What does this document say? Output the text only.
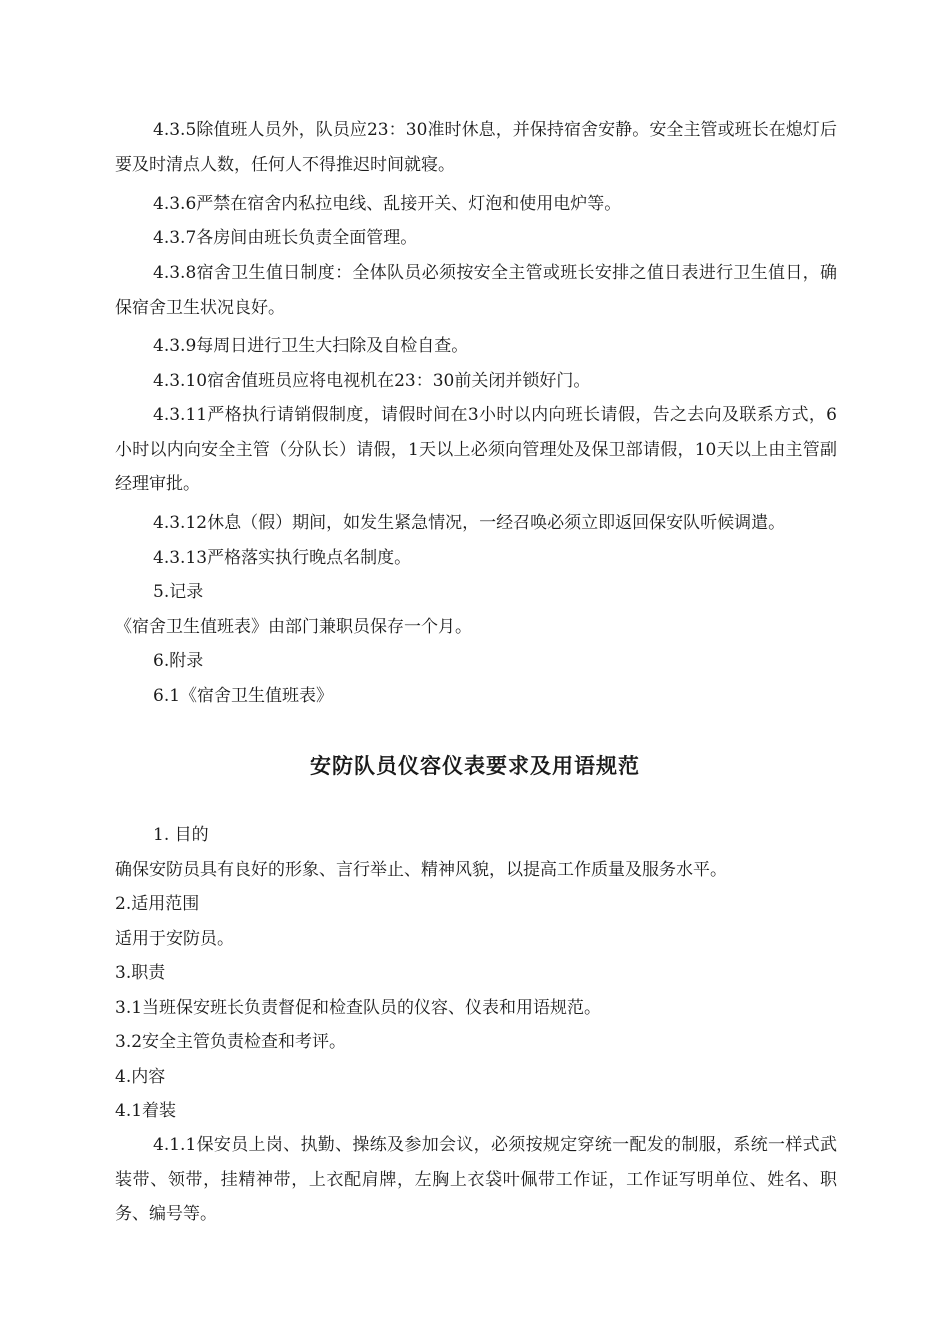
4.3.5除值班人员外，队员应23：30准时休息，并保持宿舍安静。安全主管或班长在熄灯后要及时清点人数，任何人不得推迟时间就寝。

4.3.6严禁在宿舍内私拉电线、乱接开关、灯泡和使用电炉等。

4.3.7各房间由班长负责全面管理。

4.3.8宿舍卫生值日制度：全体队员必须按安全主管或班长安排之值日表进行卫生值日，确保宿舍卫生状况良好。

4.3.9每周日进行卫生大扫除及自检自查。

4.3.10宿舍值班员应将电视机在23：30前关闭并锁好门。

4.3.11严格执行请销假制度，请假时间在3小时以内向班长请假，告之去向及联系方式，6小时以内向安全主管（分队长）请假，1天以上必须向管理处及保卫部请假，10天以上由主管副经理审批。

4.3.12休息（假）期间，如发生紧急情况，一经召唤必须立即返回保安队听候调遣。

4.3.13严格落实执行晚点名制度。

5.记录

《宿舍卫生值班表》由部门兼职员保存一个月。

6.附录

6.1《宿舍卫生值班表》

安防队员仪容仪表要求及用语规范

1. 目的

确保安防员具有良好的形象、言行举止、精神风貌，以提高工作质量及服务水平。

2.适用范围

适用于安防员。

3.职责

3.1当班保安班长负责督促和检查队员的仪容、仪表和用语规范。

3.2安全主管负责检查和考评。

4.内容

4.1着装

4.1.1保安员上岗、执勤、操练及参加会议，必须按规定穿统一配发的制服，系统一样式武装带、领带，挂精神带，上衣配肩牌，左胸上衣袋叶佩带工作证，工作证写明单位、姓名、职务、编号等。
